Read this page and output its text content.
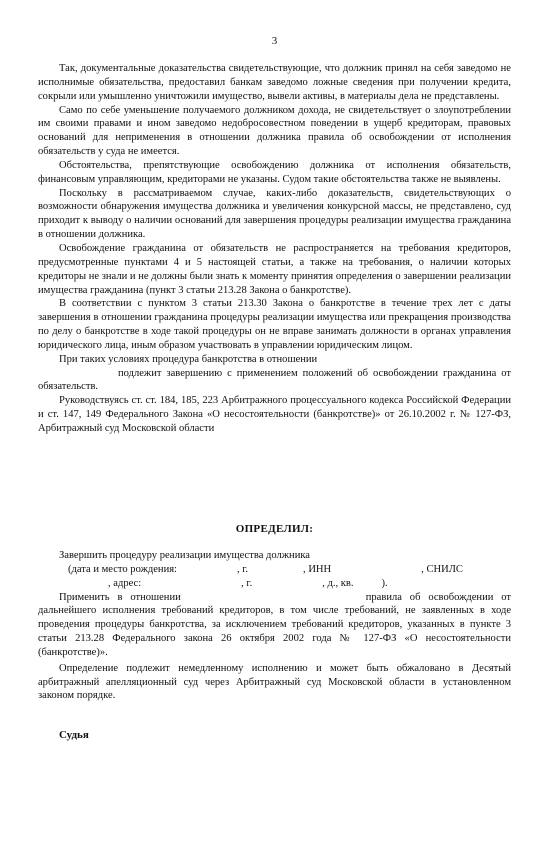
3

Так, документальные доказательства свидетельствующие, что должник принял на себя заведомо не исполнимые обязательства, предоставил банкам заведомо ложные сведения при получении кредита, сокрыли или умышленно уничтожили имущество, вывели активы, в материалы дела не представлены.

Само по себе уменьшение получаемого должником дохода, не свидетельствует о злоупотреблении им своими правами и ином заведомо недобросовестном поведении в ущерб кредиторам, правовых оснований для неприменения в отношении должника правила об освобождении от исполнения обязательств у суда не имеется.

Обстоятельства, препятствующие освобождению должника от исполнения обязательств, финансовым управляющим, кредиторами не указаны. Судом такие обстоятельства также не выявлены.

Поскольку в рассматриваемом случае, каких-либо доказательств, свидетельствующих о возможности обнаружения имущества должника и увеличения конкурсной массы, не представлено, суд приходит к выводу о наличии оснований для завершения процедуры реализации имущества гражданина в отношении должника.

Освобождение гражданина от обязательств не распространяется на требования кредиторов, предусмотренные пунктами 4 и 5 настоящей статьи, а также на требования, о наличии которых кредиторы не знали и не должны были знать к моменту принятия определения о завершении реализации имущества гражданина (пункт 3 статьи 213.28 Закона о банкротстве).

В соответствии с пунктом 3 статьи 213.30 Закона о банкротстве в течение трех лет с даты завершения в отношении гражданина процедуры реализации имущества или прекращения производства по делу о банкротстве в ходе такой процедуры он не вправе занимать должности в органах управления юридического лица, иным образом участвовать в управлении юридическим лицом.

При таких условиях процедура банкротства в отношении
подлежит завершению с применением положений об освобождении гражданина от обязательств.

Руководствуясь ст. ст. 184, 185, 223 Арбитражного процессуального кодекса Российской Федерации и ст. 147, 149 Федерального Закона «О несостоятельности (банкротстве)» от 26.10.2002 г. № 127-ФЗ, Арбитражный суд Московской области

ОПРЕДЕЛИЛ:

Завершить процедуру реализации имущества должника
(дата и место рождения:	, г.	, ИНН	, СНИЛС
, адрес:	, г.	, д., кв.	).

Применить в отношении	правила об освобождении от дальнейшего исполнения требований кредиторов, в том числе требований, не заявленных в ходе проведения процедуры банкротства, за исключением требований кредиторов, указанных в пункте 3 статьи 213.28 Федерального закона 26 октября 2002 года № 127-ФЗ «О несостоятельности (банкротстве)».

Определение подлежит немедленному исполнению и может быть обжаловано в Десятый арбитражный апелляционный суд через Арбитражный суд Московской области в установленном законом порядке.

Судья
